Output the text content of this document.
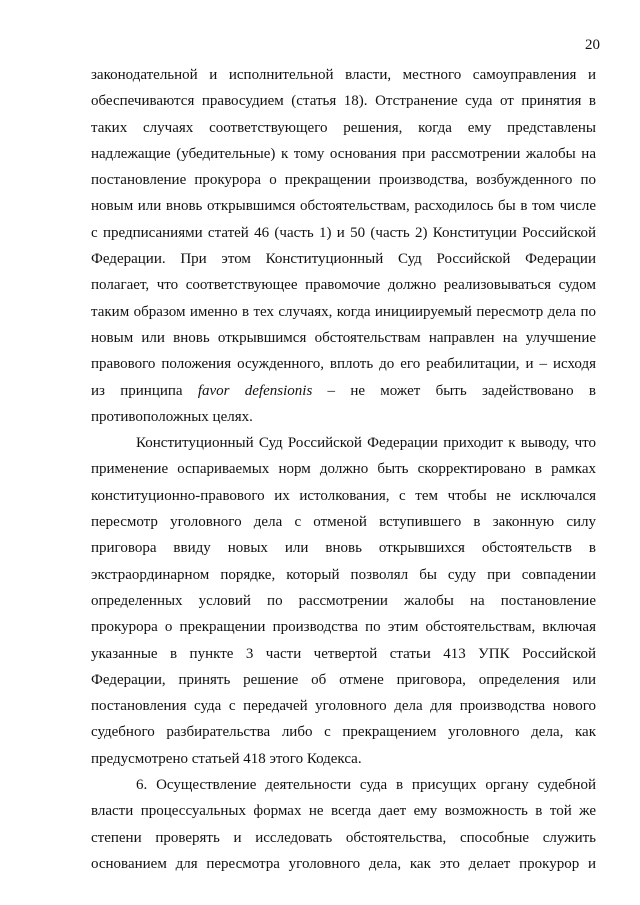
20
законодательной и исполнительной власти, местного самоуправления и
обеспечиваются правосудием (статья 18). Отстранение суда от принятия в
таких случаях соответствующего решения, когда ему представлены
надлежащие (убедительные) к тому основания при рассмотрении жалобы на
постановление прокурора о прекращении производства, возбужденного по
новым или вновь открывшимся обстоятельствам, расходилось бы в том числе
с предписаниями статей 46 (часть 1) и 50 (часть 2) Конституции Российской
Федерации. При этом Конституционный Суд Российской Федерации
полагает, что соответствующее правомочие должно реализовываться судом
таким образом именно в тех случаях, когда инициируемый пересмотр дела по
новым или вновь открывшимся обстоятельствам направлен на улучшение
правового положения осужденного, вплоть до его реабилитации, и – исходя
из принципа favor defensionis – не может быть задействовано в
противоположных целях.
Конституционный Суд Российской Федерации приходит к выводу, что
применение оспариваемых норм должно быть скорректировано в рамках
конституционно-правового их истолкования, с тем чтобы не исключался
пересмотр уголовного дела с отменой вступившего в законную силу
приговора ввиду новых или вновь открывшихся обстоятельств в
экстраординарном порядке, который позволял бы суду при совпадении
определенных условий по рассмотрении жалобы на постановление
прокурора о прекращении производства по этим обстоятельствам, включая
указанные в пункте 3 части четвертой статьи 413 УПК Российской
Федерации, принять решение об отмене приговора, определения или
постановления суда с передачей уголовного дела для производства нового
судебного разбирательства либо с прекращением уголовного дела, как
предусмотрено статьей 418 этого Кодекса.
6. Осуществление деятельности суда в присущих органу судебной
власти процессуальных формах не всегда дает ему возможность в той же
степени проверять и исследовать обстоятельства, способные служить
основанием для пересмотра уголовного дела, как это делает прокурор и
